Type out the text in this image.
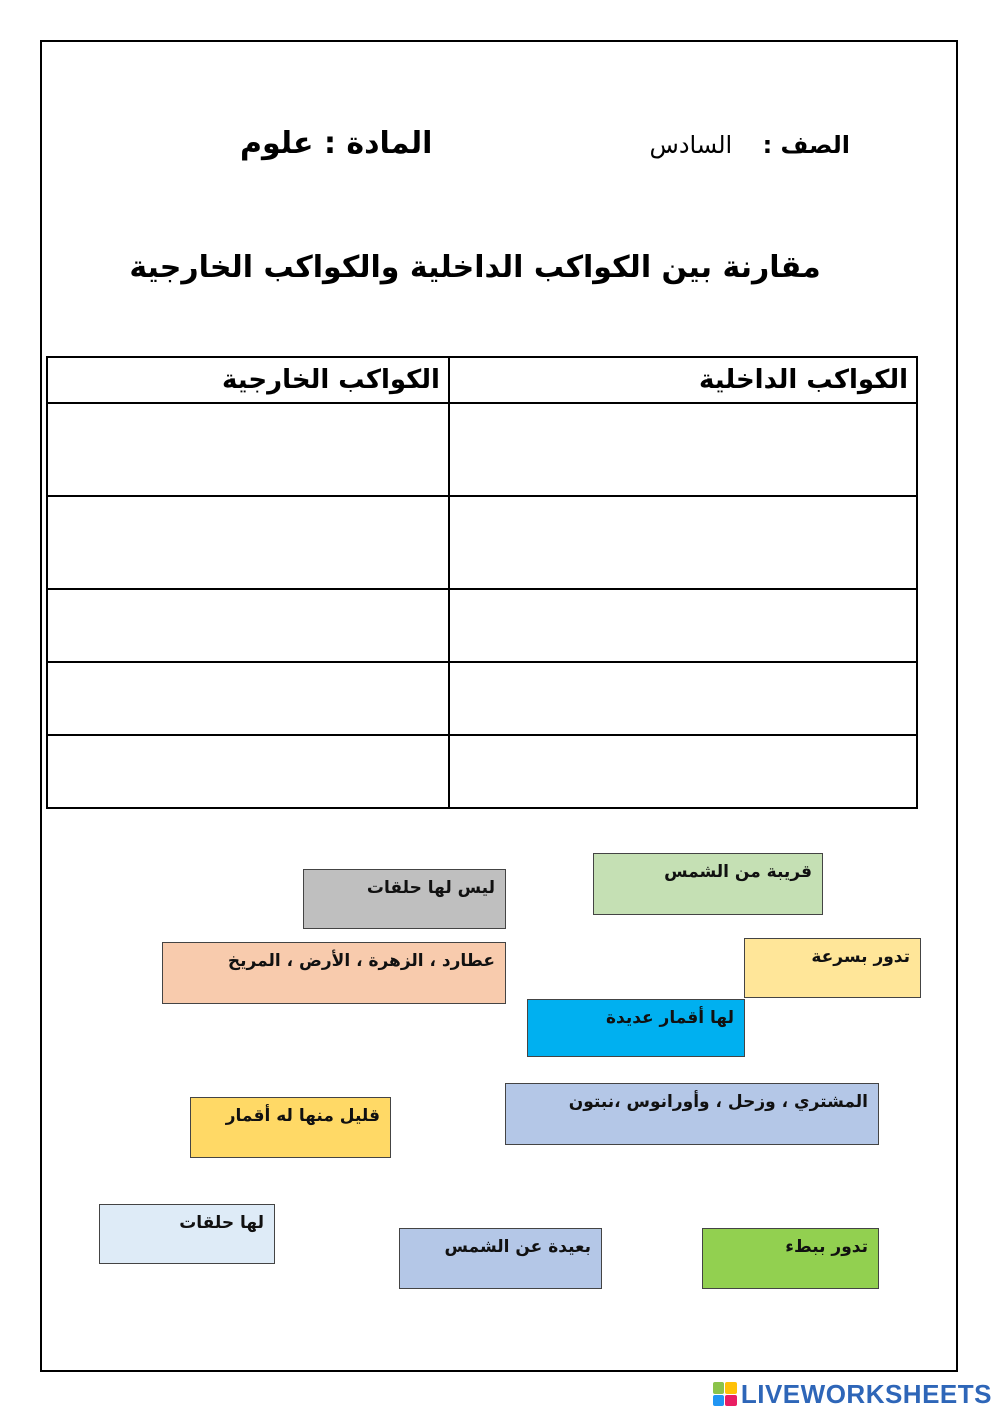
المادة : علوم	الصف : السادس
مقارنة بين الكواكب الداخلية والكواكب الخارجية
الكواكب الداخلية	الكواكب الخارجية

قريبة من الشمس
ليس لها حلقات
عطارد ، الزهرة ، الأرض ، المريخ	تدور بسرعة
لها أقمار عديدة
المشتري ، وزحل ، وأورانوس ،نبتون
قليل منها له أقمار
لها حلقات
بعيدة عن الشمس	تدور ببطء
LIVEWORKSHEETS
